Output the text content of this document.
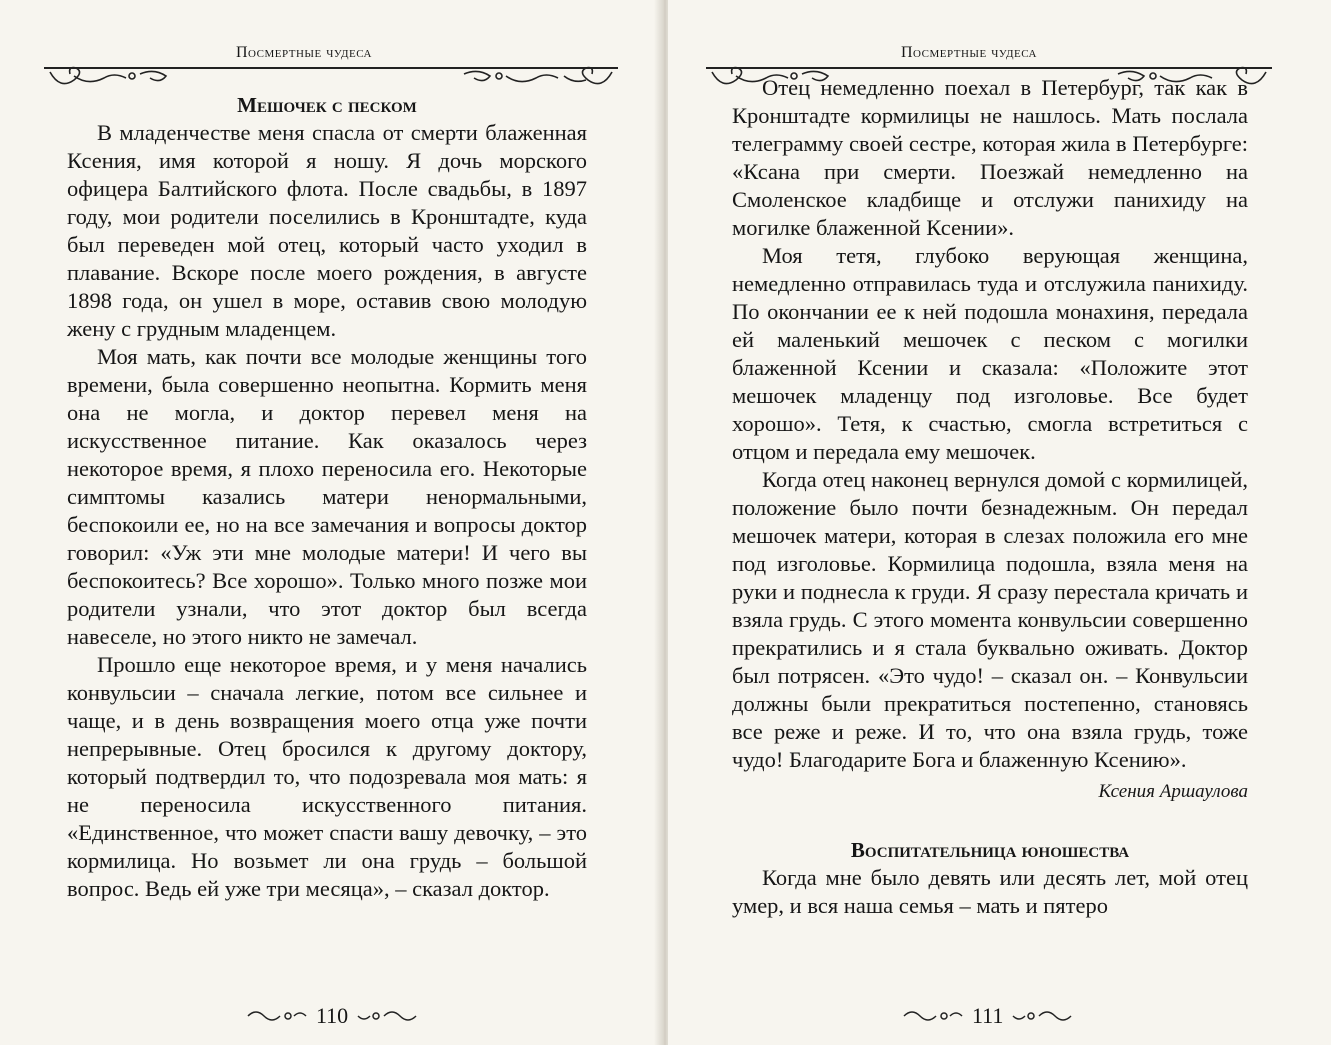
Посмертные чудеса
Мешочек с песком

В младенчестве меня спасла от смерти блаженная Ксения, имя которой я ношу. Я дочь морского офицера Балтийского флота. После свадьбы, в 1897 году, мои родители поселились в Кронштадте, куда был переведен мой отец, который часто уходил в плавание. Вскоре после моего рождения, в августе 1898 года, он ушел в море, оставив свою молодую жену с грудным младенцем.

Моя мать, как почти все молодые женщины того времени, была совершенно неопытна. Кормить меня она не могла, и доктор перевел меня на искусственное питание. Как оказалось через некоторое время, я плохо переносила его. Некоторые симптомы казались матери ненормальными, беспокоили ее, но на все замечания и вопросы доктор говорил: «Уж эти мне молодые матери! И чего вы беспокоитесь? Все хорошо». Только много позже мои родители узнали, что этот доктор был всегда навеселе, но этого никто не замечал.

Прошло еще некоторое время, и у меня начались конвульсии – сначала легкие, потом все сильнее и чаще, и в день возвращения моего отца уже почти непрерывные. Отец бросился к другому доктору, который подтвердил то, что подозревала моя мать: я не переносила искусственного питания. «Единственное, что может спасти вашу девочку, – это кормилица. Но возьмет ли она грудь – большой вопрос. Ведь ей уже три месяца», – сказал доктор.

110
Посмертные чудеса

Отец немедленно поехал в Петербург, так как в Кронштадте кормилицы не нашлось. Мать послала телеграмму своей сестре, которая жила в Петербурге: «Ксана при смерти. Поезжай немедленно на Смоленское кладбище и отслужи панихиду на могилке блаженной Ксении».

Моя тетя, глубоко верующая женщина, немедленно отправилась туда и отслужила панихиду. По окончании ее к ней подошла монахиня, передала ей маленький мешочек с песком с могилки блаженной Ксении и сказала: «Положите этот мешочек младенцу под изголовье. Все будет хорошо». Тетя, к счастью, смогла встретиться с отцом и передала ему мешочек.

Когда отец наконец вернулся домой с кормилицей, положение было почти безнадежным. Он передал мешочек матери, которая в слезах положила его мне под изголовье. Кормилица подошла, взяла меня на руки и поднесла к груди. Я сразу перестала кричать и взяла грудь. С этого момента конвульсии совершенно прекратились и я стала буквально оживать. Доктор был потрясен. «Это чудо! – сказал он. – Конвульсии должны были прекратиться постепенно, становясь все реже и реже. И то, что она взяла грудь, тоже чудо! Благодарите Бога и блаженную Ксению».

Ксения Аршаулова
Воспитательница юношества

Когда мне было девять или десять лет, мой отец умер, и вся наша семья – мать и пятеро

111
